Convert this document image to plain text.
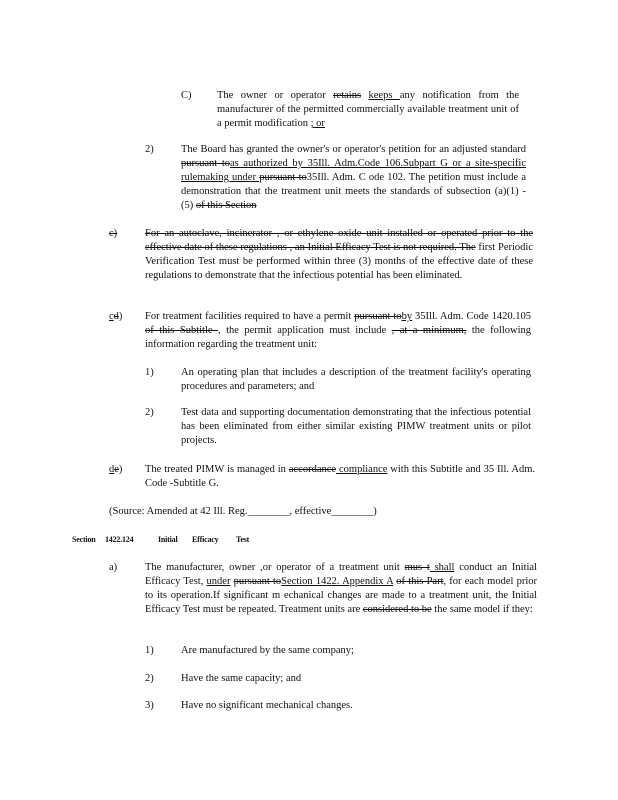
C) The owner or operator retains keeps any notification from the manufacturer of the permitted commercially available treatment unit of a permit modification ; or
2)	The Board has granted the owner's or operator's petition for an adjusted standard pursuant toas authorized by 35Ill. Adm.Code 106.Subpart G or a site-specific rulemaking under pursuant to35Ill. Adm. C ode 102. The petition must include a demonstration that the treatment unit meets the standards of subsection (a)(1) - (5) of this Section
c)	For an autoclave, incinerator , or ethylene oxide unit installed or operated prior to the effective date of these regulations , an Initial Efficacy Test is not required. The first Periodic Verification Test must be performed within three (3) months of the effective date of these regulations to demonstrate that the infectious potential has been eliminated.
cd) For treatment facilities required to have a permit pursuant toby 35Ill. Adm. Code 1420.105 of this Subtitle , the permit application must include , at a minimum, the following information regarding the treatment unit:
1)	An operating plan that includes a description of the treatment facility's operating procedures and parameters; and
2)	Test data and supporting documentation demonstrating that the infectious potential has been eliminated from either similar existing PIMW treatment units or pilot projects.
de) The treated PIMW is managed in accordance compliance with this Subtitle and 35 Ill. Adm. Code -Subtitle G.
(Source: Amended at 42 Ill. Reg.________, effective________)
Section 1422.124	Initial Efficacy Test
a)	The manufacturer, owner ,or operator of a treatment unit mus t shall conduct an Initial Efficacy Test, under pursuant toSection 1422. Appendix A of this Part, for each model prior to its operation.If significant m echanical changes are made to a treatment unit, the Initial Efficacy Test must be repeated. Treatment units are considered to be the same model if they:
1)	Are manufactured by the same company;
2)	Have the same capacity; and
3)	Have no significant mechanical changes.
